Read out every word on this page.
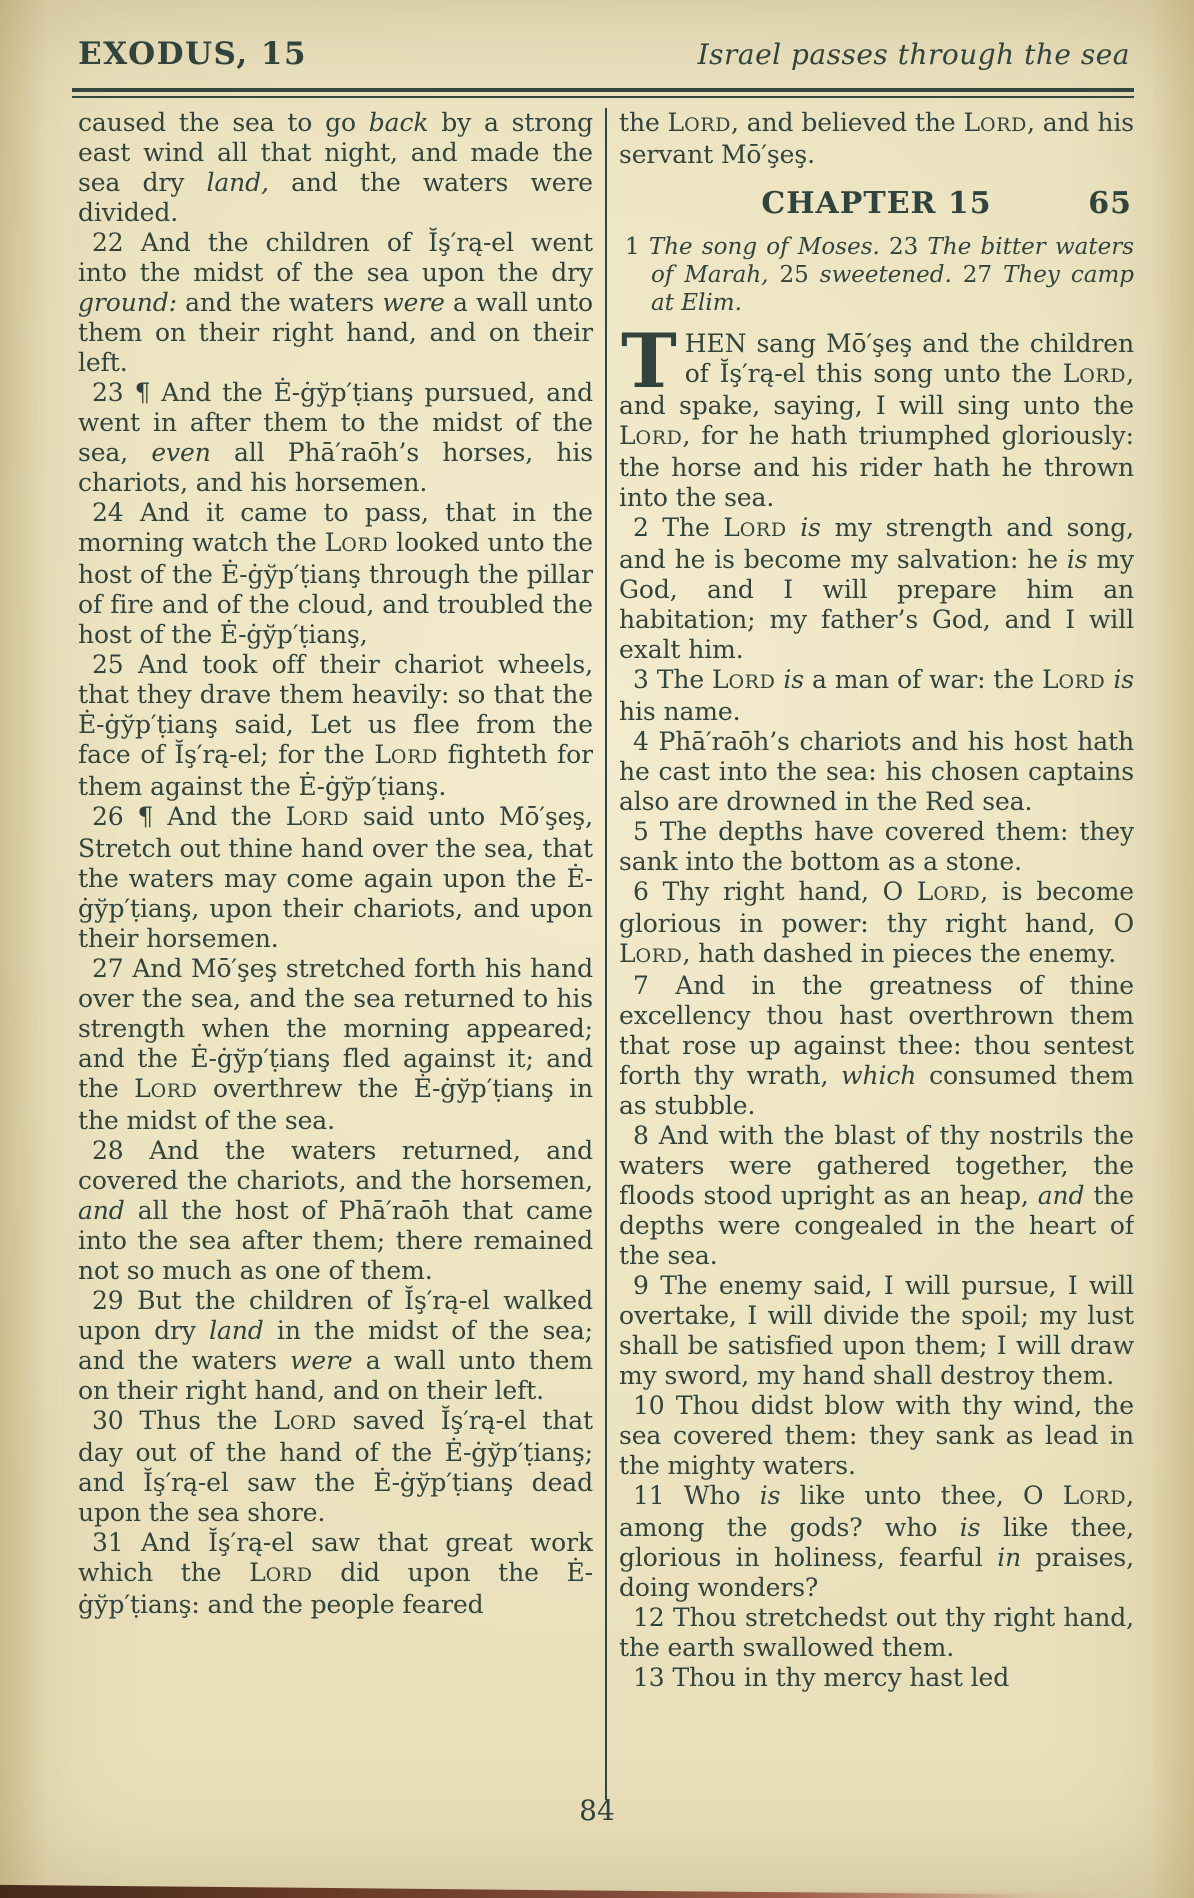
EXODUS, 15	Israel passes through the sea

caused the sea to go back by a strong east wind all that night, and made the sea dry land, and the waters were divided.

22 And the children of Ĭş′rą-el went into the midst of the sea upon the dry ground: and the waters were a wall unto them on their right hand, and on their left.

23 ¶ And the Ė-ġўp′ṭianş pursued, and went in after them to the midst of the sea, even all Phā′raōh’s horses, his chariots, and his horsemen.

24 And it came to pass, that in the morning watch the LORD looked unto the host of the Ė-ġўp′ṭianş through the pillar of fire and of the cloud, and troubled the host of the Ė-ġўp′ṭianş,

25 And took off their chariot wheels, that they drave them heavily: so that the Ė-ġўp′ṭianş said, Let us flee from the face of Ĭş′rą-el; for the LORD fighteth for them against the Ė-ġўp′ṭianş.

26 ¶ And the LORD said unto Mō′şeş, Stretch out thine hand over the sea, that the waters may come again upon the Ė-ġўp′ṭianş, upon their chariots, and upon their horsemen.

27 And Mō′şeş stretched forth his hand over the sea, and the sea returned to his strength when the morning appeared; and the Ė-ġўp′ṭianş fled against it; and the LORD overthrew the Ė-ġўp′ṭianş in the midst of the sea.

28 And the waters returned, and covered the chariots, and the horsemen, and all the host of Phā′raōh that came into the sea after them; there remained not so much as one of them.

29 But the children of Ĭş′rą-el walked upon dry land in the midst of the sea; and the waters were a wall unto them on their right hand, and on their left.

30 Thus the LORD saved Ĭş′rą-el that day out of the hand of the Ė-ġўp′ṭianş; and Ĭş′rą-el saw the Ė-ġўp′ṭianş dead upon the sea shore.

31 And Ĭş′rą-el saw that great work which the LORD did upon the Ė-ġўp′ṭianş: and the people feared

the LORD, and believed the LORD, and his servant Mō′şeş.

CHAPTER 15	65

1 The song of Moses. 23 The bitter waters of Marah, 25 sweetened. 27 They camp at Elim.

THEN sang Mō′şeş and the children of Ĭş′rą-el this song unto the LORD, and spake, saying, I will sing unto the LORD, for he hath triumphed gloriously: the horse and his rider hath he thrown into the sea.

2 The LORD is my strength and song, and he is become my salvation: he is my God, and I will prepare him an habitation; my father’s God, and I will exalt him.

3 The LORD is a man of war: the LORD is his name.

4 Phā′raōh’s chariots and his host hath he cast into the sea: his chosen captains also are drowned in the Red sea.

5 The depths have covered them: they sank into the bottom as a stone.

6 Thy right hand, O LORD, is become glorious in power: thy right hand, O LORD, hath dashed in pieces the enemy.

7 And in the greatness of thine excellency thou hast overthrown them that rose up against thee: thou sentest forth thy wrath, which consumed them as stubble.

8 And with the blast of thy nostrils the waters were gathered together, the floods stood upright as an heap, and the depths were congealed in the heart of the sea.

9 The enemy said, I will pursue, I will overtake, I will divide the spoil; my lust shall be satisfied upon them; I will draw my sword, my hand shall destroy them.

10 Thou didst blow with thy wind, the sea covered them: they sank as lead in the mighty waters.

11 Who is like unto thee, O LORD, among the gods? who is like thee, glorious in holiness, fearful in praises, doing wonders?

12 Thou stretchedst out thy right hand, the earth swallowed them.

13 Thou in thy mercy hast led

84
